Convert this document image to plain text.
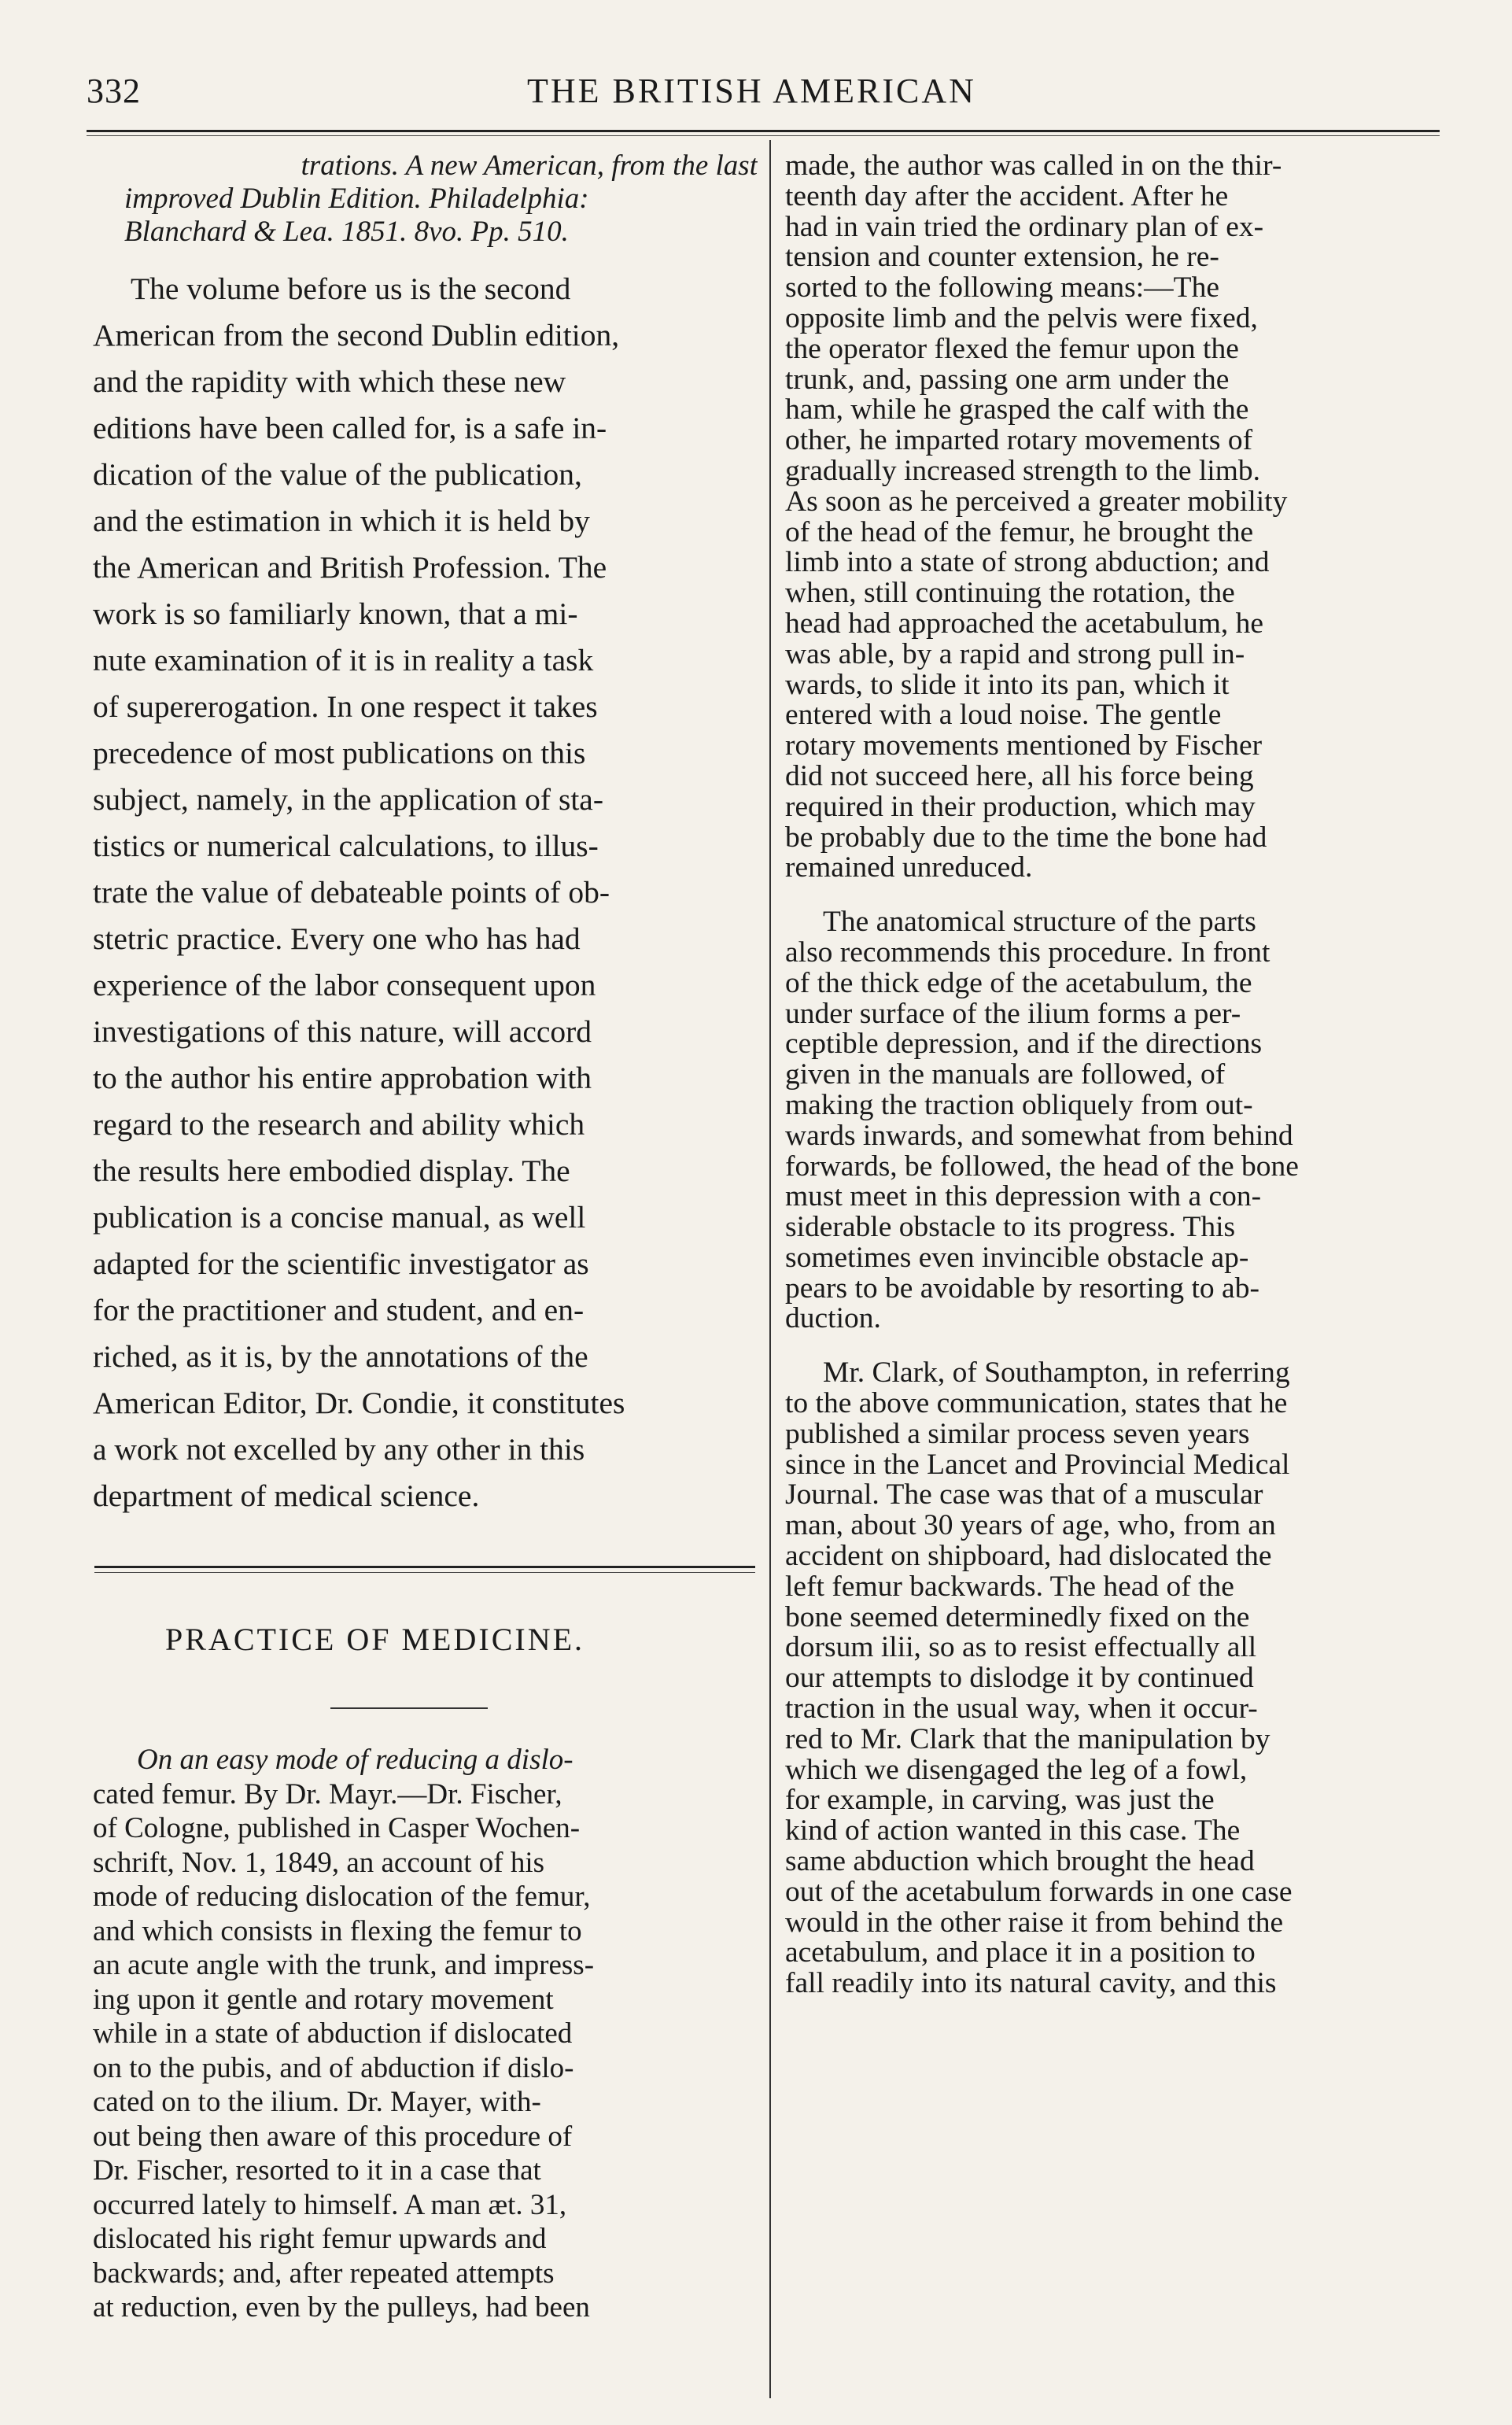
332	THE BRITISH AMERICAN
trations. A new American, from the last
improved Dublin Edition. Philadelphia:
Blanchard & Lea. 1851. 8vo. Pp. 510.
The volume before us is the second
American from the second Dublin edition,
and the rapidity with which these new
editions have been called for, is a safe in-
dication of the value of the publication,
and the estimation in which it is held by
the American and British Profession. The
work is so familiarly known, that a mi-
nute examination of it is in reality a task
of supererogation. In one respect it takes
precedence of most publications on this
subject, namely, in the application of sta-
tistics or numerical calculations, to illus-
trate the value of debateable points of ob-
stetric practice. Every one who has had
experience of the labor consequent upon
investigations of this nature, will accord
to the author his entire approbation with
regard to the research and ability which
the results here embodied display. The
publication is a concise manual, as well
adapted for the scientific investigator as
for the practitioner and student, and en-
riched, as it is, by the annotations of the
American Editor, Dr. Condie, it constitutes
a work not excelled by any other in this
department of medical science.
PRACTICE OF MEDICINE.
On an easy mode of reducing a dislo-
cated femur. By Dr. Mayr.—Dr. Fischer,
of Cologne, published in Casper Wochen-
schrift, Nov. 1, 1849, an account of his
mode of reducing dislocation of the femur,
and which consists in flexing the femur to
an acute angle with the trunk, and impress-
ing upon it gentle and rotary movement
while in a state of abduction if dislocated
on to the pubis, and of abduction if dislo-
cated on to the ilium. Dr. Mayer, with-
out being then aware of this procedure of
Dr. Fischer, resorted to it in a case that
occurred lately to himself. A man æt. 31,
dislocated his right femur upwards and
backwards; and, after repeated attempts
at reduction, even by the pulleys, had been
made, the author was called in on the thir-
teenth day after the accident. After he
had in vain tried the ordinary plan of ex-
tension and counter extension, he re-
sorted to the following means:—The
opposite limb and the pelvis were fixed,
the operator flexed the femur upon the
trunk, and, passing one arm under the
ham, while he grasped the calf with the
other, he imparted rotary movements of
gradually increased strength to the limb.
As soon as he perceived a greater mobility
of the head of the femur, he brought the
limb into a state of strong abduction; and
when, still continuing the rotation, the
head had approached the acetabulum, he
was able, by a rapid and strong pull in-
wards, to slide it into its pan, which it
entered with a loud noise. The gentle
rotary movements mentioned by Fischer
did not succeed here, all his force being
required in their production, which may
be probably due to the time the bone had
remained unreduced.
The anatomical structure of the parts
also recommends this procedure. In front
of the thick edge of the acetabulum, the
under surface of the ilium forms a per-
ceptible depression, and if the directions
given in the manuals are followed, of
making the traction obliquely from out-
wards inwards, and somewhat from behind
forwards, be followed, the head of the bone
must meet in this depression with a con-
siderable obstacle to its progress. This
sometimes even invincible obstacle ap-
pears to be avoidable by resorting to ab-
duction.
Mr. Clark, of Southampton, in referring
to the above communication, states that he
published a similar process seven years
since in the Lancet and Provincial Medical
Journal. The case was that of a muscular
man, about 30 years of age, who, from an
accident on shipboard, had dislocated the
left femur backwards. The head of the
bone seemed determinedly fixed on the
dorsum ilii, so as to resist effectually all
our attempts to dislodge it by continued
traction in the usual way, when it occur-
red to Mr. Clark that the manipulation by
which we disengaged the leg of a fowl,
for example, in carving, was just the
kind of action wanted in this case. The
same abduction which brought the head
out of the acetabulum forwards in one case
would in the other raise it from behind the
acetabulum, and place it in a position to
fall readily into its natural cavity, and this
